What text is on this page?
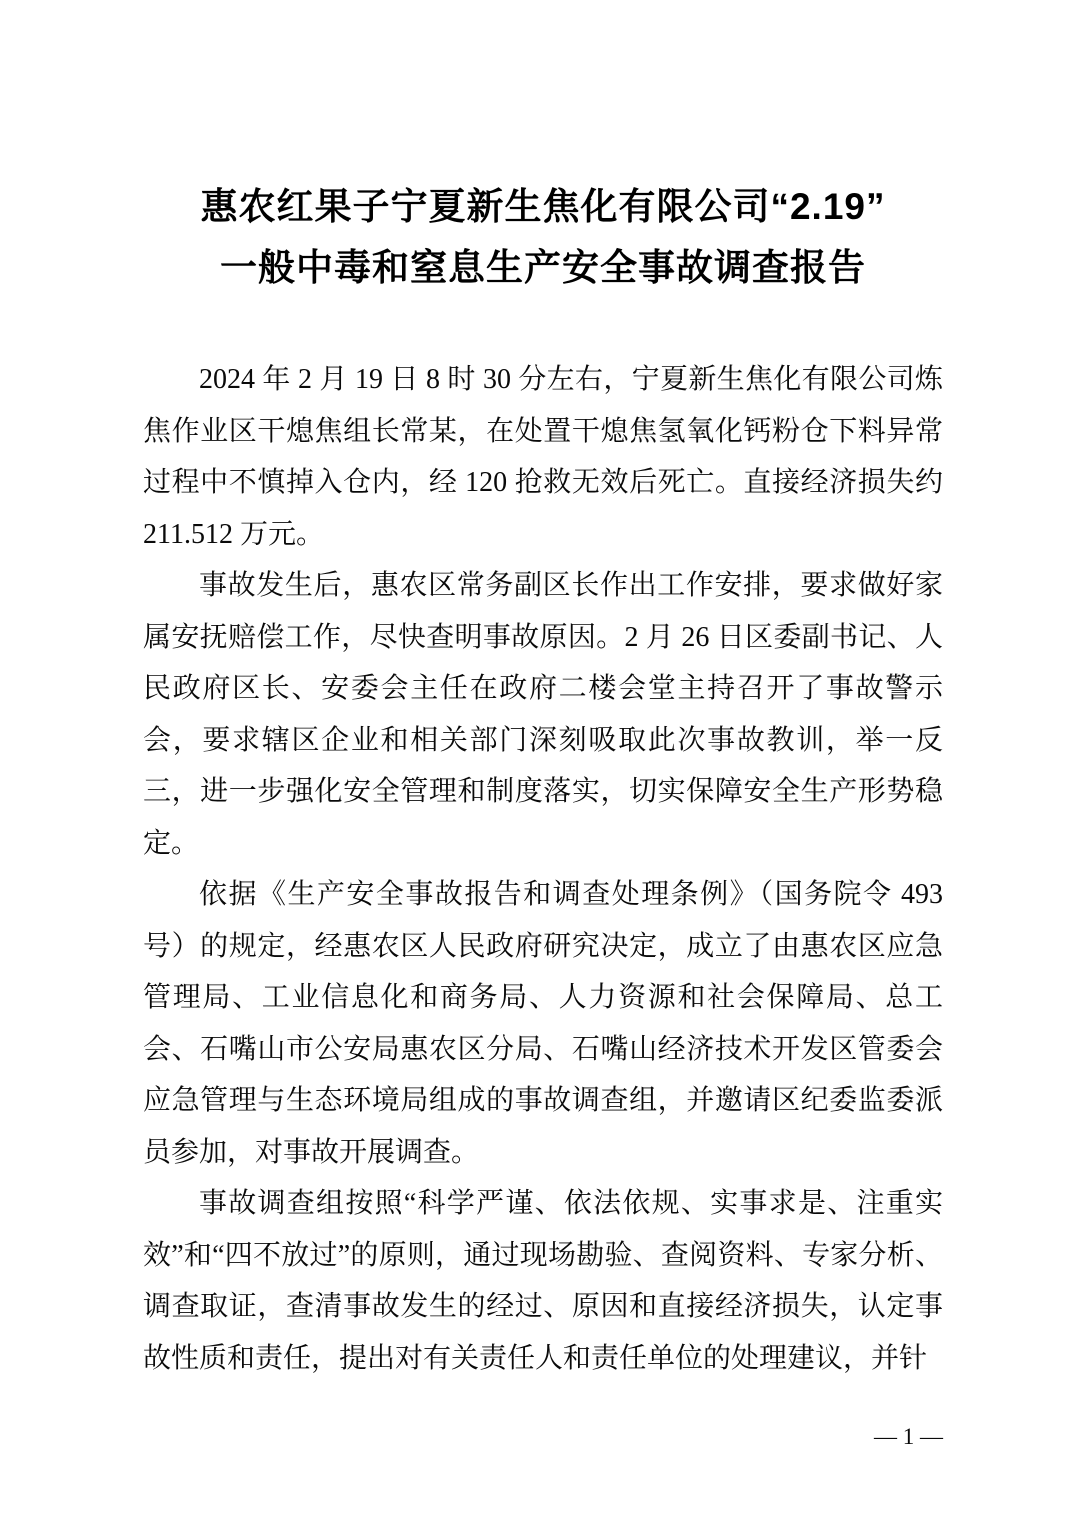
惠农红果子宁夏新生焦化有限公司“2.19”
一般中毒和窒息生产安全事故调查报告

2024 年 2 月 19 日 8 时 30 分左右，宁夏新生焦化有限公司炼焦作业区干熄焦组长常某，在处置干熄焦氢氧化钙粉仓下料异常过程中不慎掉入仓内，经 120 抢救无效后死亡。直接经济损失约 211.512 万元。

事故发生后，惠农区常务副区长作出工作安排，要求做好家属安抚赔偿工作，尽快查明事故原因。2 月 26 日区委副书记、人民政府区长、安委会主任在政府二楼会堂主持召开了事故警示会，要求辖区企业和相关部门深刻吸取此次事故教训，举一反三，进一步强化安全管理和制度落实，切实保障安全生产形势稳定。

依据《生产安全事故报告和调查处理条例》（国务院令 493 号）的规定，经惠农区人民政府研究决定，成立了由惠农区应急管理局、工业信息化和商务局、人力资源和社会保障局、总工会、石嘴山市公安局惠农区分局、石嘴山经济技术开发区管委会应急管理与生态环境局组成的事故调查组，并邀请区纪委监委派员参加，对事故开展调查。

事故调查组按照“科学严谨、依法依规、实事求是、注重实效”和“四不放过”的原则，通过现场勘验、查阅资料、专家分析、调查取证，查清事故发生的经过、原因和直接经济损失，认定事故性质和责任，提出对有关责任人和责任单位的处理建议，并针

— 1 —
